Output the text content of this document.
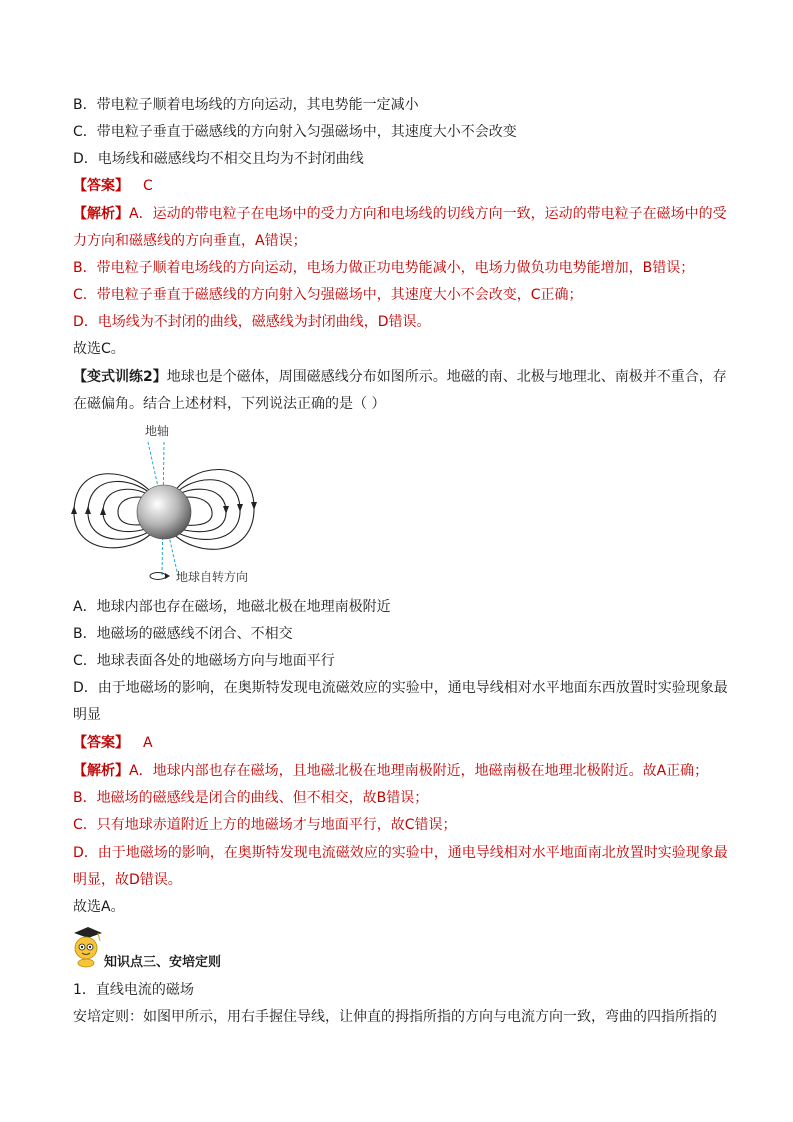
B．带电粒子顺着电场线的方向运动，其电势能一定减小
C．带电粒子垂直于磁感线的方向射入匀强磁场中，其速度大小不会改变
D．电场线和磁感线均不相交且均为不封闭曲线
【答案】 C
【解析】A．运动的带电粒子在电场中的受力方向和电场线的切线方向一致，运动的带电粒子在磁场中的受
力方向和磁感线的方向垂直，A错误；
B．带电粒子顺着电场线的方向运动，电场力做正功电势能减小，电场力做负功电势能增加，B错误；
C．带电粒子垂直于磁感线的方向射入匀强磁场中，其速度大小不会改变，C正确；
D．电场线为不封闭的曲线，磁感线为封闭曲线，D错误。
故选C。
【变式训练2】地球也是个磁体，周围磁感线分布如图所示。地磁的南、北极与地理北、南极并不重合，存
在磁偏角。结合上述材料，下列说法正确的是（ ）
地轴
地球自转方向
A．地球内部也存在磁场，地磁北极在地理南极附近
B．地磁场的磁感线不闭合、不相交
C．地球表面各处的地磁场方向与地面平行
D．由于地磁场的影响，在奥斯特发现电流磁效应的实验中，通电导线相对水平地面东西放置时实验现象最
明显
【答案】 A
【解析】A．地球内部也存在磁场，且地磁北极在地理南极附近，地磁南极在地理北极附近。故A正确；
B．地磁场的磁感线是闭合的曲线、但不相交，故B错误；
C．只有地球赤道附近上方的地磁场才与地面平行，故C错误；
D．由于地磁场的影响，在奥斯特发现电流磁效应的实验中，通电导线相对水平地面南北放置时实验现象最
明显，故D错误。
故选A。
知识点三、安培定则
1．直线电流的磁场
安培定则：如图甲所示，用右手握住导线，让伸直的拇指所指的方向与电流方向一致，弯曲的四指所指的
